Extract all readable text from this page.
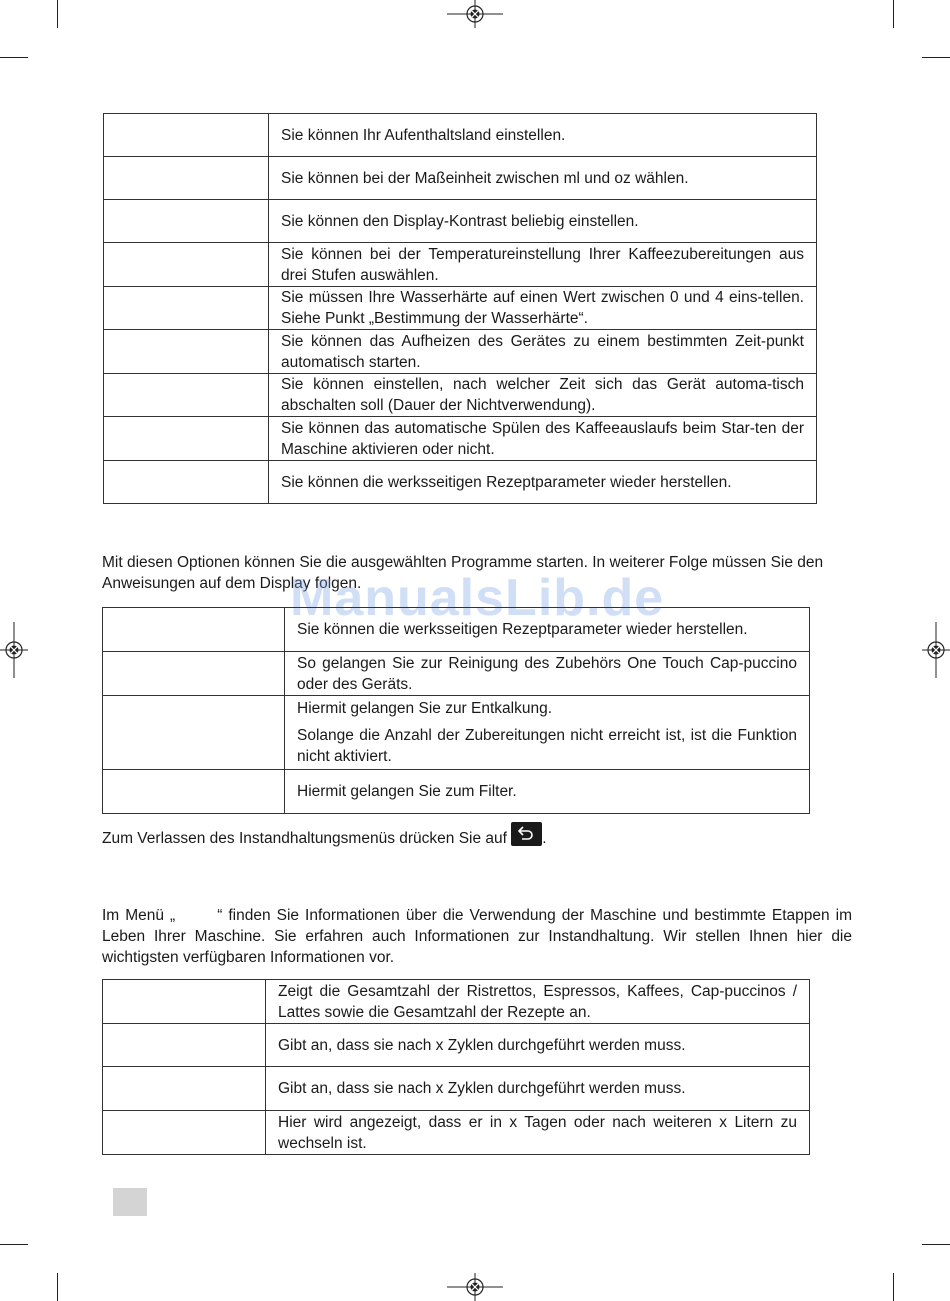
	Sie können Ihr Aufenthaltsland einstellen.
	Sie können bei der Maßeinheit zwischen ml und oz wählen.
	Sie können den Display-Kontrast beliebig einstellen.
	Sie können bei der Temperatureinstellung Ihrer Kaffeezubereitungen aus drei Stufen auswählen.
	Sie müssen Ihre Wasserhärte auf einen Wert zwischen 0 und 4 eins-tellen. Siehe Punkt „Bestimmung der Wasserhärte“.
	Sie können das Aufheizen des Gerätes zu einem bestimmten Zeit-punkt automatisch starten.
	Sie können einstellen, nach welcher Zeit sich das Gerät automa-tisch abschalten soll (Dauer der Nichtverwendung).
	Sie können das automatische Spülen des Kaffeeauslaufs beim Star-ten der Maschine aktivieren oder nicht.
	Sie können die werksseitigen Rezeptparameter wieder herstellen.
Mit diesen Optionen können Sie die ausgewählten Programme starten. In weiterer Folge müssen Sie den Anweisungen auf dem Display folgen.
ManualsLib.de
	Sie können die werksseitigen Rezeptparameter wieder herstellen.
	So gelangen Sie zur Reinigung des Zubehörs One Touch Cap-puccino oder des Geräts.

	Hiermit gelangen Sie zur Entkalkung.
Solange die Anzahl der Zubereitungen nicht erreicht ist, ist die Funktion nicht aktiviert.

	Hiermit gelangen Sie zum Filter.
Zum Verlassen des Instandhaltungsmenüs drücken Sie auf .
Im Menü „	“ finden Sie Informationen über die Verwendung der Maschine und bestimmte Etappen im Leben Ihrer Maschine. Sie erfahren auch Informationen zur Instandhaltung. Wir stellen Ihnen hier die wichtigsten verfügbaren Informationen vor.
	Zeigt die Gesamtzahl der Ristrettos, Espressos, Kaffees, Cap-puccinos / Lattes sowie die Gesamtzahl der Rezepte an.
	Gibt an, dass sie nach x Zyklen durchgeführt werden muss.
	Gibt an, dass sie nach x Zyklen durchgeführt werden muss.
	Hier wird angezeigt, dass er in x Tagen oder nach weiteren x Litern zu wechseln ist.
